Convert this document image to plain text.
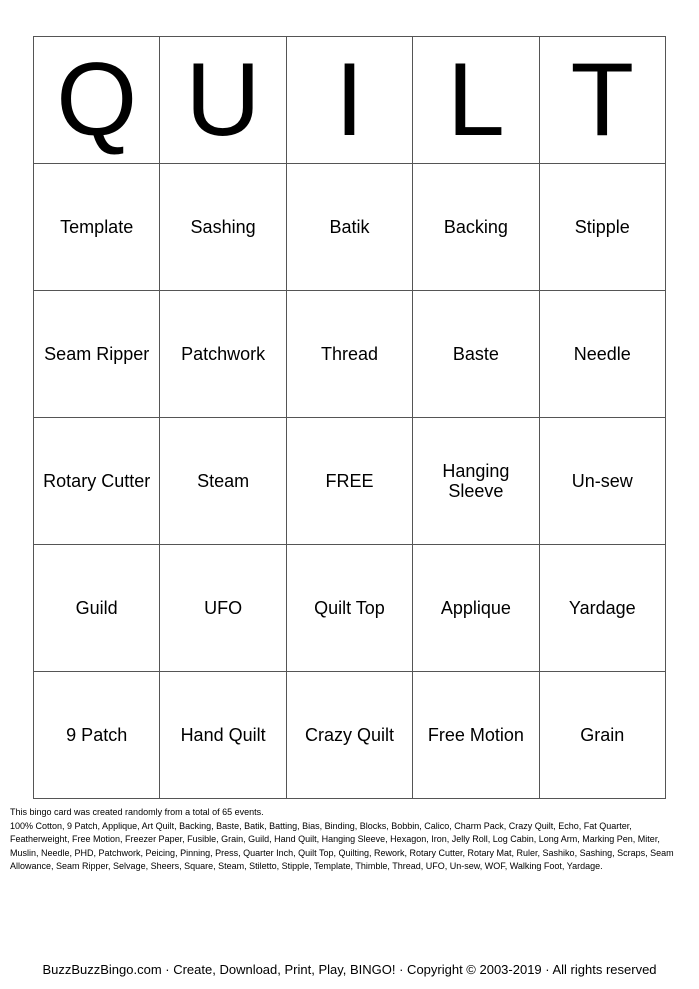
Q	U	I	L	T
Template	Sashing	Batik	Backing	Stipple
Seam Ripper	Patchwork	Thread	Baste	Needle
Rotary Cutter	Steam	FREE	Hanging Sleeve	Un-sew
Guild	UFO	Quilt Top	Applique	Yardage
9 Patch	Hand Quilt	Crazy Quilt	Free Motion	Grain

This bingo card was created randomly from a total of 65 events.

100% Cotton, 9 Patch, Applique, Art Quilt, Backing, Baste, Batik, Batting, Bias, Binding, Blocks, Bobbin, Calico, Charm Pack, Crazy Quilt, Echo, Fat Quarter, Featherweight, Free Motion, Freezer Paper, Fusible, Grain, Guild, Hand Quilt, Hanging Sleeve, Hexagon, Iron, Jelly Roll, Log Cabin, Long Arm, Marking Pen, Miter, Muslin, Needle, PHD, Patchwork, Peicing, Pinning, Press, Quarter Inch, Quilt Top, Quilting, Rework, Rotary Cutter, Rotary Mat, Ruler, Sashiko, Sashing, Scraps, Seam Allowance, Seam Ripper, Selvage, Sheers, Square, Steam, Stiletto, Stipple, Template, Thimble, Thread, UFO, Un-sew, WOF, Walking Foot, Yardage.

BuzzBuzzBingo.com · Create, Download, Print, Play, BINGO! · Copyright © 2003-2019 · All rights reserved
